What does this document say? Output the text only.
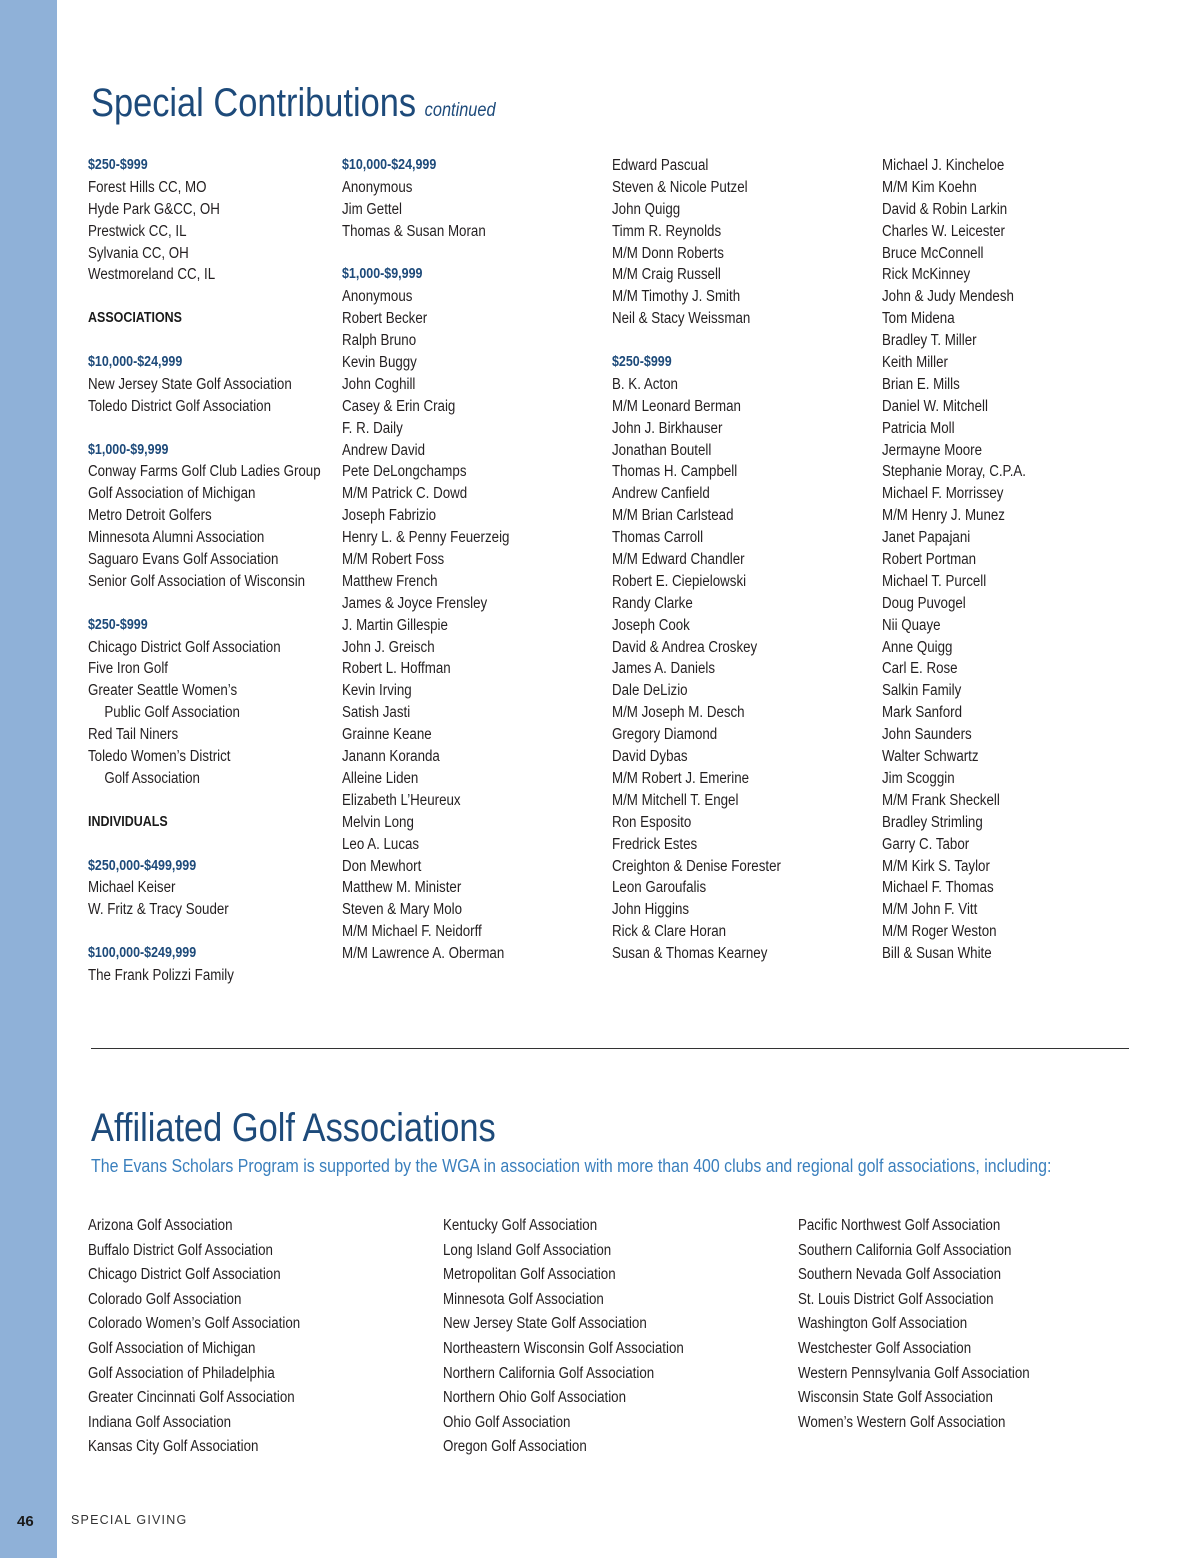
Special Contributions continued
$250-$999
Forest Hills CC, MO
Hyde Park G&CC, OH
Prestwick CC, IL
Sylvania CC, OH
Westmoreland CC, IL
ASSOCIATIONS
$10,000-$24,999
New Jersey State Golf Association
Toledo District Golf Association
$1,000-$9,999
Conway Farms Golf Club Ladies Group
Golf Association of Michigan
Metro Detroit Golfers
Minnesota Alumni Association
Saguaro Evans Golf Association
Senior Golf Association of Wisconsin
$250-$999
Chicago District Golf Association
Five Iron Golf
Greater Seattle Women’s
Public Golf Association
Red Tail Niners
Toledo Women’s District
Golf Association
INDIVIDUALS
$250,000-$499,999
Michael Keiser
W. Fritz & Tracy Souder
$100,000-$249,999
The Frank Polizzi Family
$10,000-$24,999
Anonymous
Jim Gettel
Thomas & Susan Moran
$1,000-$9,999
Anonymous
Robert Becker
Ralph Bruno
Kevin Buggy
John Coghill
Casey & Erin Craig
F. R. Daily
Andrew David
Pete DeLongchamps
M/M Patrick C. Dowd
Joseph Fabrizio
Henry L. & Penny Feuerzeig
M/M Robert Foss
Matthew French
James & Joyce Frensley
J. Martin Gillespie
John J. Greisch
Robert L. Hoffman
Kevin Irving
Satish Jasti
Grainne Keane
Janann Koranda
Alleine Liden
Elizabeth L’Heureux
Melvin Long
Leo A. Lucas
Don Mewhort
Matthew M. Minister
Steven & Mary Molo
M/M Michael F. Neidorff
M/M Lawrence A. Oberman
Edward Pascual
Steven & Nicole Putzel
John Quigg
Timm R. Reynolds
M/M Donn Roberts
M/M Craig Russell
M/M Timothy J. Smith
Neil & Stacy Weissman
$250-$999
B. K. Acton
M/M Leonard Berman
John J. Birkhauser
Jonathan Boutell
Thomas H. Campbell
Andrew Canfield
M/M Brian Carlstead
Thomas Carroll
M/M Edward Chandler
Robert E. Ciepielowski
Randy Clarke
Joseph Cook
David & Andrea Croskey
James A. Daniels
Dale DeLizio
M/M Joseph M. Desch
Gregory Diamond
David Dybas
M/M Robert J. Emerine
M/M Mitchell T. Engel
Ron Esposito
Fredrick Estes
Creighton & Denise Forester
Leon Garoufalis
John Higgins
Rick & Clare Horan
Susan & Thomas Kearney
Michael J. Kincheloe
M/M Kim Koehn
David & Robin Larkin
Charles W. Leicester
Bruce McConnell
Rick McKinney
John & Judy Mendesh
Tom Midena
Bradley T. Miller
Keith Miller
Brian E. Mills
Daniel W. Mitchell
Patricia Moll
Jermayne Moore
Stephanie Moray, C.P.A.
Michael F. Morrissey
M/M Henry J. Munez
Janet Papajani
Robert Portman
Michael T. Purcell
Doug Puvogel
Nii Quaye
Anne Quigg
Carl E. Rose
Salkin Family
Mark Sanford
John Saunders
Walter Schwartz
Jim Scoggin
M/M Frank Sheckell
Bradley Strimling
Garry C. Tabor
M/M Kirk S. Taylor
Michael F. Thomas
M/M John F. Vitt
M/M Roger Weston
Bill & Susan White
Affiliated Golf Associations
The Evans Scholars Program is supported by the WGA in association with more than 400 clubs and regional golf associations, including:
Arizona Golf Association
Buffalo District Golf Association
Chicago District Golf Association
Colorado Golf Association
Colorado Women’s Golf Association
Golf Association of Michigan
Golf Association of Philadelphia
Greater Cincinnati Golf Association
Indiana Golf Association
Kansas City Golf Association
Kentucky Golf Association
Long Island Golf Association
Metropolitan Golf Association
Minnesota Golf Association
New Jersey State Golf Association
Northeastern Wisconsin Golf Association
Northern California Golf Association
Northern Ohio Golf Association
Ohio Golf Association
Oregon Golf Association
Pacific Northwest Golf Association
Southern California Golf Association
Southern Nevada Golf Association
St. Louis District Golf Association
Washington Golf Association
Westchester Golf Association
Western Pennsylvania Golf Association
Wisconsin State Golf Association
Women’s Western Golf Association
46	SPECIAL GIVING
